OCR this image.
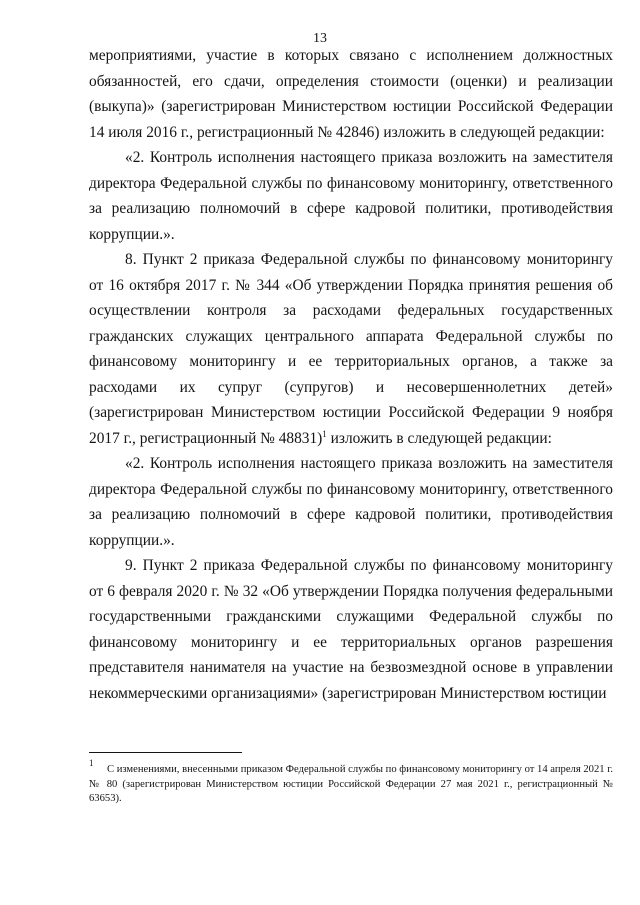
13

мероприятиями, участие в которых связано с исполнением должностных обязанностей, его сдачи, определения стоимости (оценки) и реализации (выкупа)» (зарегистрирован Министерством юстиции Российской Федерации 14 июля 2016 г., регистрационный № 42846) изложить в следующей редакции:

«2. Контроль исполнения настоящего приказа возложить на заместителя директора Федеральной службы по финансовому мониторингу, ответственного за реализацию полномочий в сфере кадровой политики, противодействия коррупции.».

8. Пункт 2 приказа Федеральной службы по финансовому мониторингу от 16 октября 2017 г. № 344 «Об утверждении Порядка принятия решения об осуществлении контроля за расходами федеральных государственных гражданских служащих центрального аппарата Федеральной службы по финансовому мониторингу и ее территориальных органов, а также за расходами их супруг (супругов) и несовершеннолетних детей» (зарегистрирован Министерством юстиции Российской Федерации 9 ноября 2017 г., регистрационный № 48831)$^1$ изложить в следующей редакции:

«2. Контроль исполнения настоящего приказа возложить на заместителя директора Федеральной службы по финансовому мониторингу, ответственного за реализацию полномочий в сфере кадровой политики, противодействия коррупции.».

9. Пункт 2 приказа Федеральной службы по финансовому мониторингу от 6 февраля 2020 г. № 32 «Об утверждении Порядка получения федеральными государственными гражданскими служащими Федеральной службы по финансовому мониторингу и ее территориальных органов разрешения представителя нанимателя на участие на безвозмездной основе в управлении некоммерческими организациями» (зарегистрирован Министерством юстиции

$^1$С изменениями, внесенными приказом Федеральной службы по финансовому мониторингу от 14 апреля 2021 г. № 80 (зарегистрирован Министерством юстиции Российской Федерации 27 мая 2021 г., регистрационный № 63653).
